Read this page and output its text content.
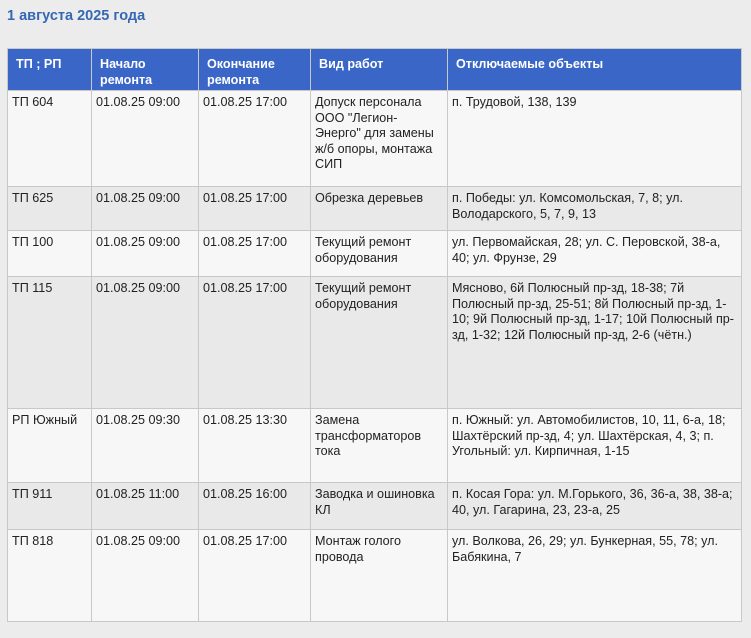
1 августа 2025 года
ТП ; РП	Начало ремонта	Окончание ремонта	Вид работ	Отключаемые объекты
ТП 604	01.08.25 09:00	01.08.25 17:00	Допуск персонала ООО "Легион-Энерго" для замены ж/б опоры, монтажа СИП	п. Трудовой, 138, 139
ТП 625	01.08.25 09:00	01.08.25 17:00	Обрезка деревьев	п. Победы: ул. Комсомольская, 7, 8; ул. Володарского, 5, 7, 9, 13
ТП 100	01.08.25 09:00	01.08.25 17:00	Текущий ремонт оборудования	ул. Первомайская, 28; ул. С. Перовской, 38-а, 40; ул. Фрунзе, 29
ТП 115	01.08.25 09:00	01.08.25 17:00	Текущий ремонт оборудования	Мясново, 6й Полюсный пр-зд, 18-38; 7й Полюсный пр-зд, 25-51; 8й Полюсный пр-зд, 1-10; 9й Полюсный пр-зд, 1-17; 10й Полюсный пр-зд, 1-32; 12й Полюсный пр-зд, 2-6 (чётн.)
РП Южный	01.08.25 09:30	01.08.25 13:30	Замена трансформаторов тока	п. Южный: ул. Автомобилистов, 10, 11, 6-а, 18; Шахтёрский пр-зд, 4; ул. Шахтёрская, 4, 3; п. Угольный: ул. Кирпичная, 1-15
ТП 911	01.08.25 11:00	01.08.25 16:00	Заводка и ошиновка КЛ	п. Косая Гора: ул. М.Горького, 36, 36-а, 38, 38-а; 40, ул. Гагарина, 23, 23-а, 25
ТП 818	01.08.25 09:00	01.08.25 17:00	Монтаж голого провода	ул. Волкова, 26, 29; ул. Бункерная, 55, 78; ул. Бабякина, 7
